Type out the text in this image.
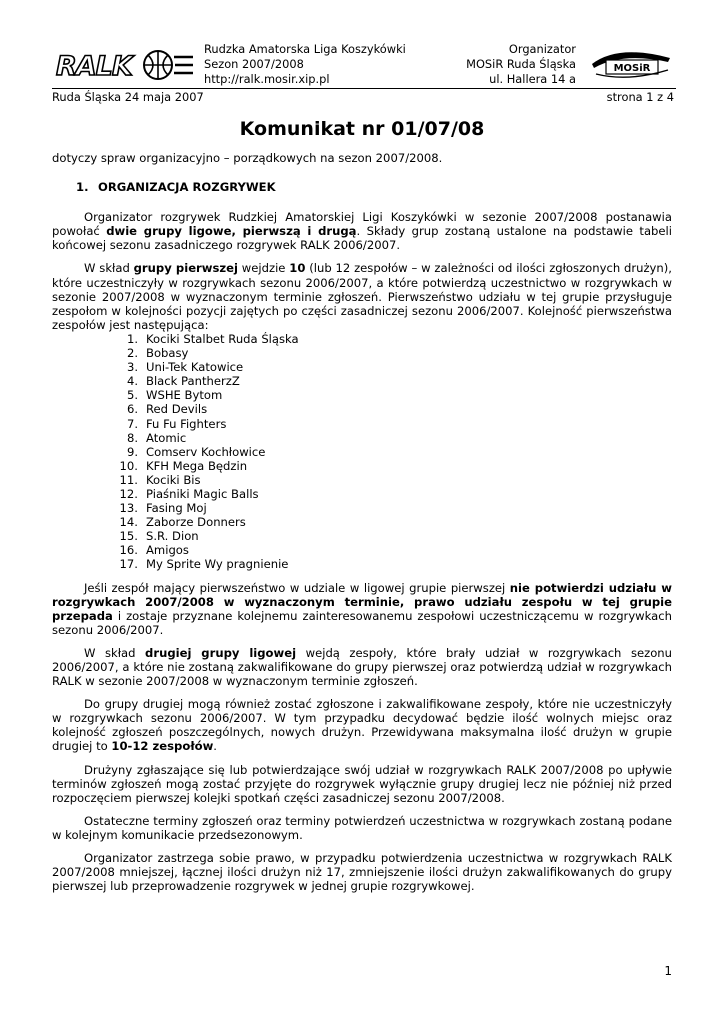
RALK
Rudzka Amatorska Liga Koszykówki
Sezon 2007/2008
http://ralk.mosir.xip.pl
Organizator
MOSiR Ruda Śląska
ul. Hallera 14 a
MOSiR
Ruda Śląska 24 maja 2007	strona 1 z 4
Komunikat nr 01/07/08

dotyczy spraw organizacyjno – porządkowych na sezon 2007/2008.

1. ORGANIZACJA ROZGRYWEK

Organizator rozgrywek Rudzkiej Amatorskiej Ligi Koszykówki w sezonie 2007/2008 postanawia powołać dwie grupy ligowe, pierwszą i drugą. Składy grup zostaną ustalone na podstawie tabeli końcowej sezonu zasadniczego rozgrywek RALK 2006/2007.

W skład grupy pierwszej wejdzie 10 (lub 12 zespołów – w zależności od ilości zgłoszonych drużyn), które uczestniczyły w rozgrywkach sezonu 2006/2007, a które potwierdzą uczestnictwo w rozgrywkach w sezonie 2007/2008 w wyznaczonym terminie zgłoszeń. Pierwszeństwo udziału w tej grupie przysługuje zespołom w kolejności pozycji zajętych po części zasadniczej sezonu 2006/2007. Kolejność pierwszeństwa zespołów jest następująca:

1. Kociki Stalbet Ruda Śląska
2. Bobasy
3. Uni-Tek Katowice
4. Black PantherzZ
5. WSHE Bytom
6. Red Devils
7. Fu Fu Fighters
8. Atomic
9. Comserv Kochłowice
10. KFH Mega Będzin
11. Kociki Bis
12. Piaśniki Magic Balls
13. Fasing Moj
14. Zaborze Donners
15. S.R. Dion
16. Amigos
17. My Sprite Wy pragnienie

Jeśli zespół mający pierwszeństwo w udziale w ligowej grupie pierwszej nie potwierdzi udziału w rozgrywkach 2007/2008 w wyznaczonym terminie, prawo udziału zespołu w tej grupie przepada i zostaje przyznane kolejnemu zainteresowanemu zespołowi uczestniczącemu w rozgrywkach sezonu 2006/2007.

W skład drugiej grupy ligowej wejdą zespoły, które brały udział w rozgrywkach sezonu 2006/2007, a które nie zostaną zakwalifikowane do grupy pierwszej oraz potwierdzą udział w rozgrywkach RALK w sezonie 2007/2008 w wyznaczonym terminie zgłoszeń.

Do grupy drugiej mogą również zostać zgłoszone i zakwalifikowane zespoły, które nie uczestniczyły w rozgrywkach sezonu 2006/2007. W tym przypadku decydować będzie ilość wolnych miejsc oraz kolejność zgłoszeń poszczególnych, nowych drużyn. Przewidywana maksymalna ilość drużyn w grupie drugiej to 10-12 zespołów.

Drużyny zgłaszające się lub potwierdzające swój udział w rozgrywkach RALK 2007/2008 po upływie terminów zgłoszeń mogą zostać przyjęte do rozgrywek wyłącznie grupy drugiej lecz nie później niż przed rozpoczęciem pierwszej kolejki spotkań części zasadniczej sezonu 2007/2008.

Ostateczne terminy zgłoszeń oraz terminy potwierdzeń uczestnictwa w rozgrywkach zostaną podane w kolejnym komunikacie przedsezonowym.

Organizator zastrzega sobie prawo, w przypadku potwierdzenia uczestnictwa w rozgrywkach RALK 2007/2008 mniejszej, łącznej ilości drużyn niż 17, zmniejszenie ilości drużyn zakwalifikowanych do grupy pierwszej lub przeprowadzenie rozgrywek w jednej grupie rozgrywkowej.

1
